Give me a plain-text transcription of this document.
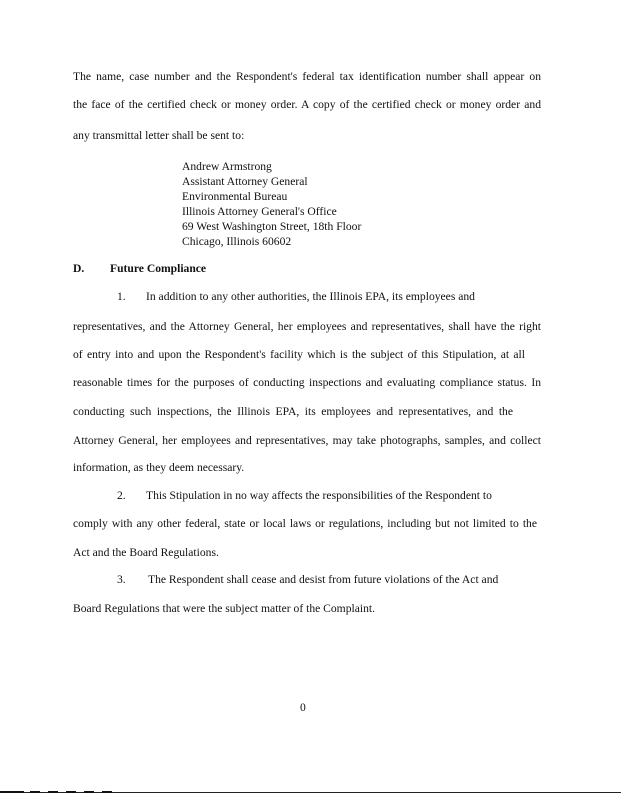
The name, case number and the Respondent's federal tax identification number shall appear on
the face of the certified check or money order. A copy of the certified check or money order and
any transmittal letter shall be sent to:
Andrew Armstrong
Assistant Attorney General
Environmental Bureau
Illinois Attorney General's Office
69 West Washington Street, 18th Floor
Chicago, Illinois 60602
D. Future Compliance
1. In addition to any other authorities, the Illinois EPA, its employees and
representatives, and the Attorney General, her employees and representatives, shall have the right
of entry into and upon the Respondent's facility which is the subject of this Stipulation, at all
reasonable times for the purposes of conducting inspections and evaluating compliance status. In
conducting such inspections, the Illinois EPA, its employees and representatives, and the
Attorney General, her employees and representatives, may take photographs, samples, and collect
information, as they deem necessary.
2. This Stipulation in no way affects the responsibilities of the Respondent to
comply with any other federal, state or local laws or regulations, including but not limited to the
Act and the Board Regulations.
3. The Respondent shall cease and desist from future violations of the Act and
Board Regulations that were the subject matter of the Complaint.
0
